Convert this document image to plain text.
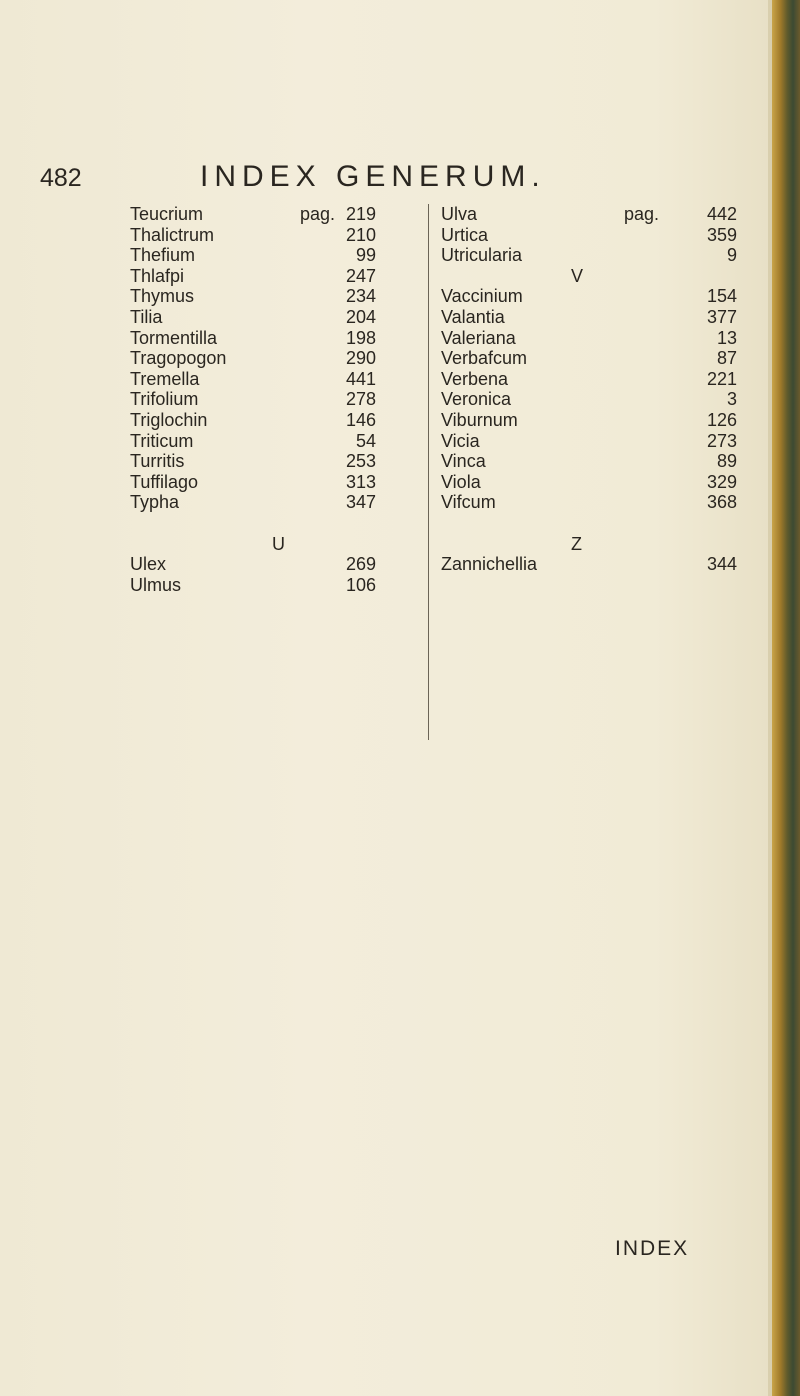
482	INDEX GENERUM.
Teucrium	pag. 219
Thalictrum	210
Thefium	99
Thlafpi	247
Thymus	234
Tilia	204
Tormentilla	198
Tragopogon	290
Tremella	441
Trifolium	278
Triglochin	146
Triticum	54
Turritis	253
Tuffilago	313
Typha	347
U
Ulex	269
Ulmus	106
Ulva	pag.	442
Urtica	359
Utricularia	9
V
Vaccinium	154
Valantia	377
Valeriana	13
Verbafcum	87
Verbena	221
Veronica	3
Viburnum	126
Vicia	273
Vinca	89
Viola	329
Vifcum	368
Z
Zannichellia	344
INDEX
